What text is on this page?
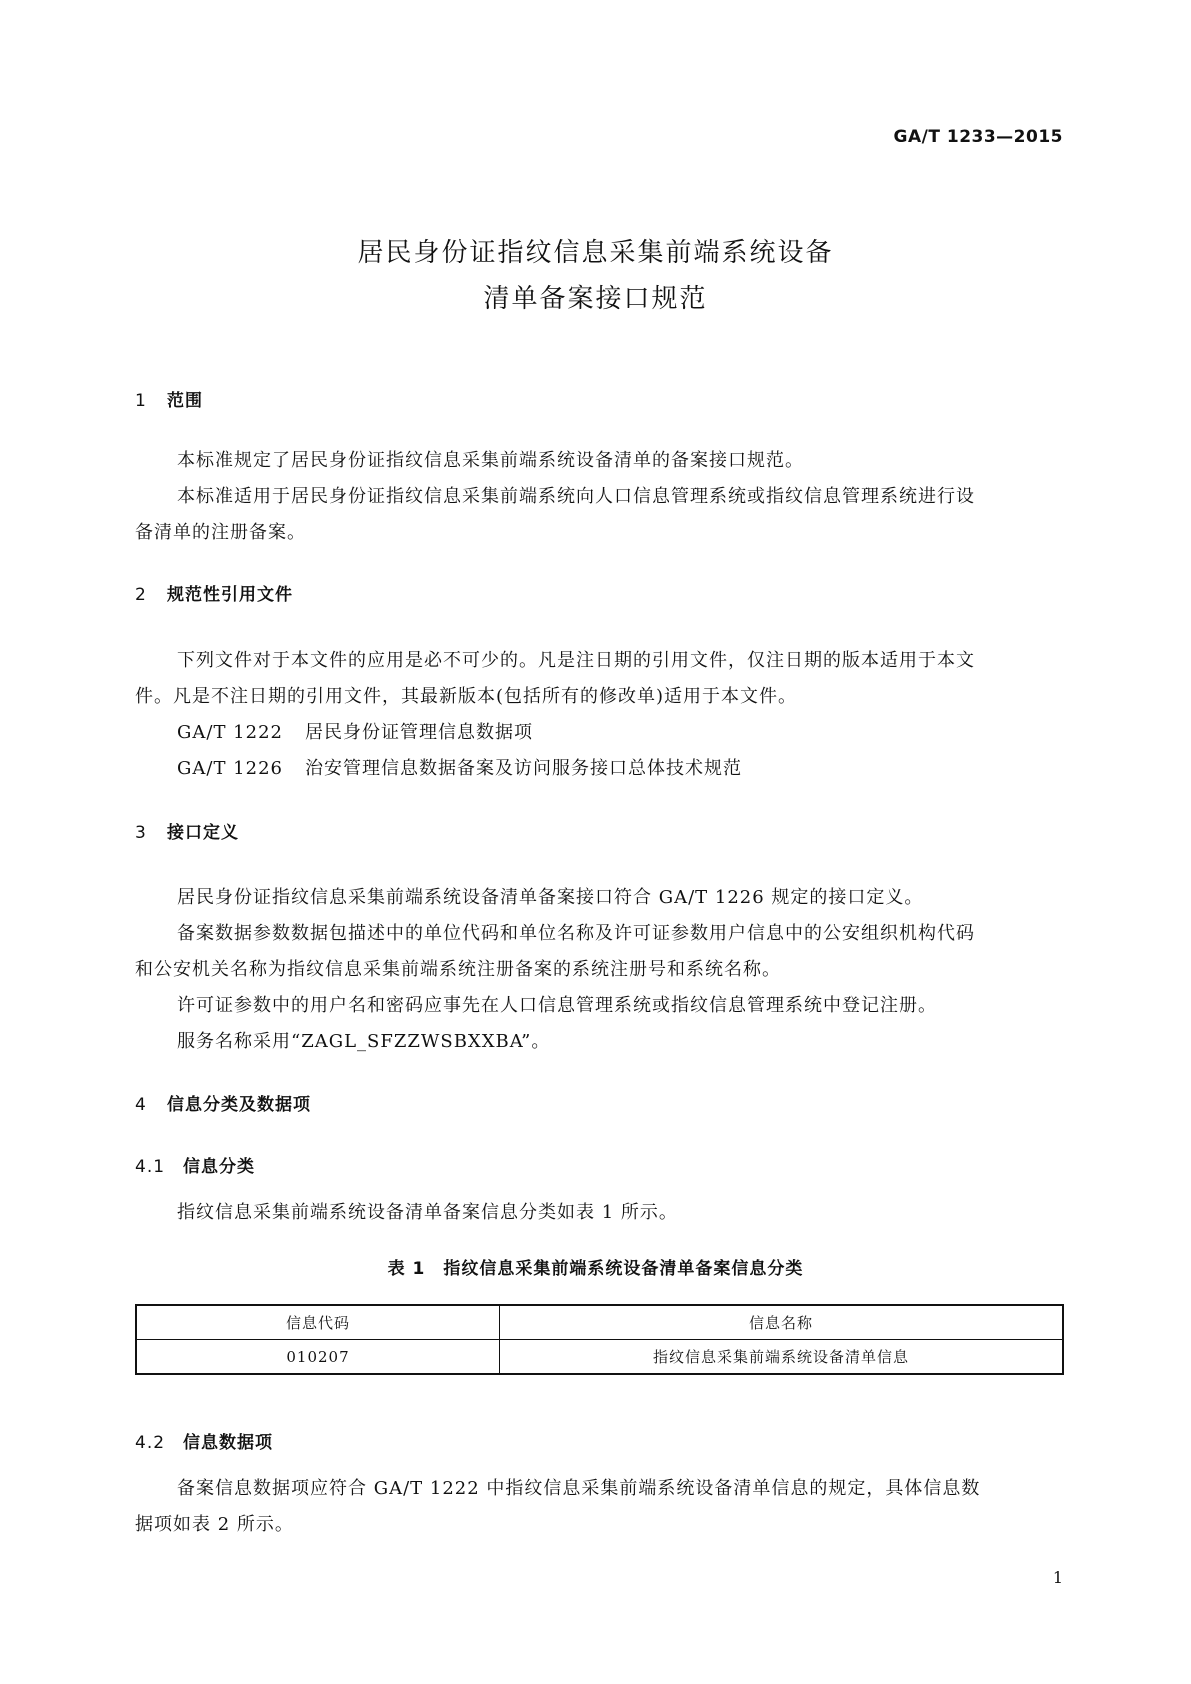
GA/T 1233—2015
居民身份证指纹信息采集前端系统设备
清单备案接口规范
1 范围
本标准规定了居民身份证指纹信息采集前端系统设备清单的备案接口规范。
本标准适用于居民身份证指纹信息采集前端系统向人口信息管理系统或指纹信息管理系统进行设
备清单的注册备案。
2 规范性引用文件
下列文件对于本文件的应用是必不可少的。凡是注日期的引用文件，仅注日期的版本适用于本文
件。凡是不注日期的引用文件，其最新版本(包括所有的修改单)适用于本文件。
GA/T 1222 居民身份证管理信息数据项
GA/T 1226 治安管理信息数据备案及访问服务接口总体技术规范
3 接口定义
居民身份证指纹信息采集前端系统设备清单备案接口符合 GA/T 1226 规定的接口定义。
备案数据参数数据包描述中的单位代码和单位名称及许可证参数用户信息中的公安组织机构代码
和公安机关名称为指纹信息采集前端系统注册备案的系统注册号和系统名称。
许可证参数中的用户名和密码应事先在人口信息管理系统或指纹信息管理系统中登记注册。
服务名称采用“ZAGL_SFZZWSBXXBA”。
4 信息分类及数据项
4.1 信息分类
指纹信息采集前端系统设备清单备案信息分类如表 1 所示。
表 1　指纹信息采集前端系统设备清单备案信息分类
信息代码	信息名称
010207	指纹信息采集前端系统设备清单信息
4.2 信息数据项
备案信息数据项应符合 GA/T 1222 中指纹信息采集前端系统设备清单信息的规定，具体信息数
据项如表 2 所示。
1
